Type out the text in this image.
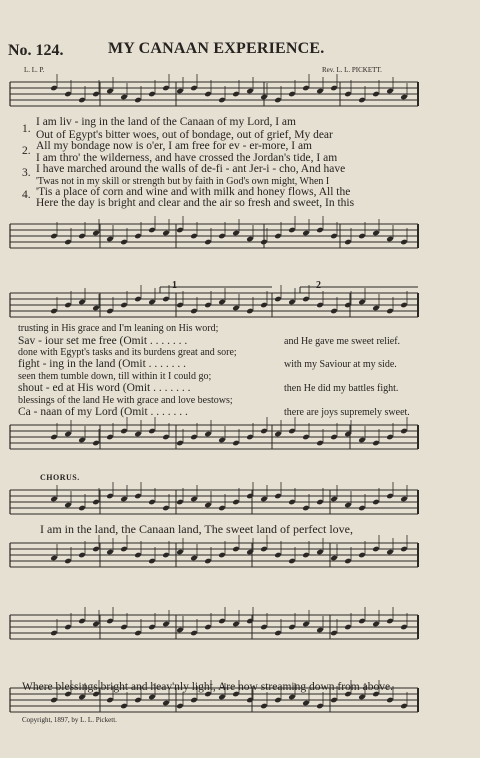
No. 124.	MY CANAAN EXPERIENCE.
L. L. P.	Rev. L. L. PICKETT.
1.
2.
3.
4.
I am liv - ing in the land of the Canaan of my Lord, I am
Out of Egypt's bitter woes, out of bondage, out of grief, My dear
All my bondage now is o'er, I am free for ev - er-more, I am
I am thro' the wilderness, and have crossed the Jordan's tide, I am
I have marched around the walls of de-fi - ant Jer-i - cho, And have
'Twas not in my skill or strength but by faith in God's own might, When I
'Tis a place of corn and wine and with milk and honey flows, All the
Here the day is bright and clear and the air so fresh and sweet, In this
1	2
trusting in His grace and I'm leaning on His word;
Sav - iour set me free (Omit . . . . . . .	and He gave me sweet relief.
done with Egypt's tasks and its burdens great and sore;
fight - ing in the land (Omit . . . . . . .	with my Saviour at my side.
seen them tumble down, till within it I could go;
shout - ed at His word (Omit . . . . . . .	then He did my battles fight.
blessings of the land He with grace and love bestows;
Ca - naan of my Lord (Omit . . . . . . .	there are joys supremely sweet.
CHORUS.
I am in the land, the Canaan land, The sweet land of perfect love,
Where blessings bright and heav'nly light, Are now streaming down from above.
Copyright, 1897, by L. L. Pickett.
